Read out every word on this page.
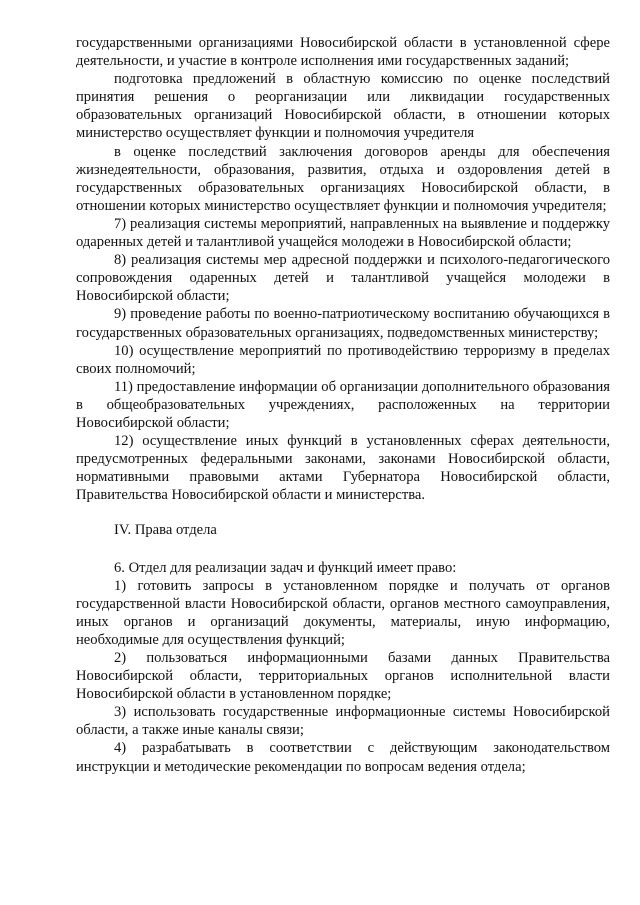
государственными организациями Новосибирской области в установленной сфере деятельности, и участие в контроле исполнения ими государственных заданий;

подготовка предложений в областную комиссию по оценке последствий принятия решения о реорганизации или ликвидации государственных образовательных организаций Новосибирской области, в отношении которых министерство осуществляет функции и полномочия учредителя

в оценке последствий заключения договоров аренды для обеспечения жизнедеятельности, образования, развития, отдыха и оздоровления детей в государственных образовательных организациях Новосибирской области, в отношении которых министерство осуществляет функции и полномочия учредителя;

7) реализация системы мероприятий, направленных на выявление и поддержку одаренных детей и талантливой учащейся молодежи в Новосибирской области;

8) реализация системы мер адресной поддержки и психолого-педагогического сопровождения одаренных детей и талантливой учащейся молодежи в Новосибирской области;

9) проведение работы по военно-патриотическому воспитанию обучающихся в государственных образовательных организациях, подведомственных министерству;

10) осуществление мероприятий по противодействию терроризму в пределах своих полномочий;

11) предоставление информации об организации дополнительного образования в общеобразовательных учреждениях, расположенных на территории Новосибирской области;

12) осуществление иных функций в установленных сферах деятельности, предусмотренных федеральными законами, законами Новосибирской области, нормативными правовыми актами Губернатора Новосибирской области, Правительства Новосибирской области и министерства.

IV. Права отдела

6. Отдел для реализации задач и функций имеет право:

1) готовить запросы в установленном порядке и получать от органов государственной власти Новосибирской области, органов местного самоуправления, иных органов и организаций документы, материалы, иную информацию, необходимые для осуществления функций;

2) пользоваться информационными базами данных Правительства Новосибирской области, территориальных органов исполнительной власти Новосибирской области в установленном порядке;

3) использовать государственные информационные системы Новосибирской области, а также иные каналы связи;

4) разрабатывать в соответствии с действующим законодательством инструкции и методические рекомендации по вопросам ведения отдела;
